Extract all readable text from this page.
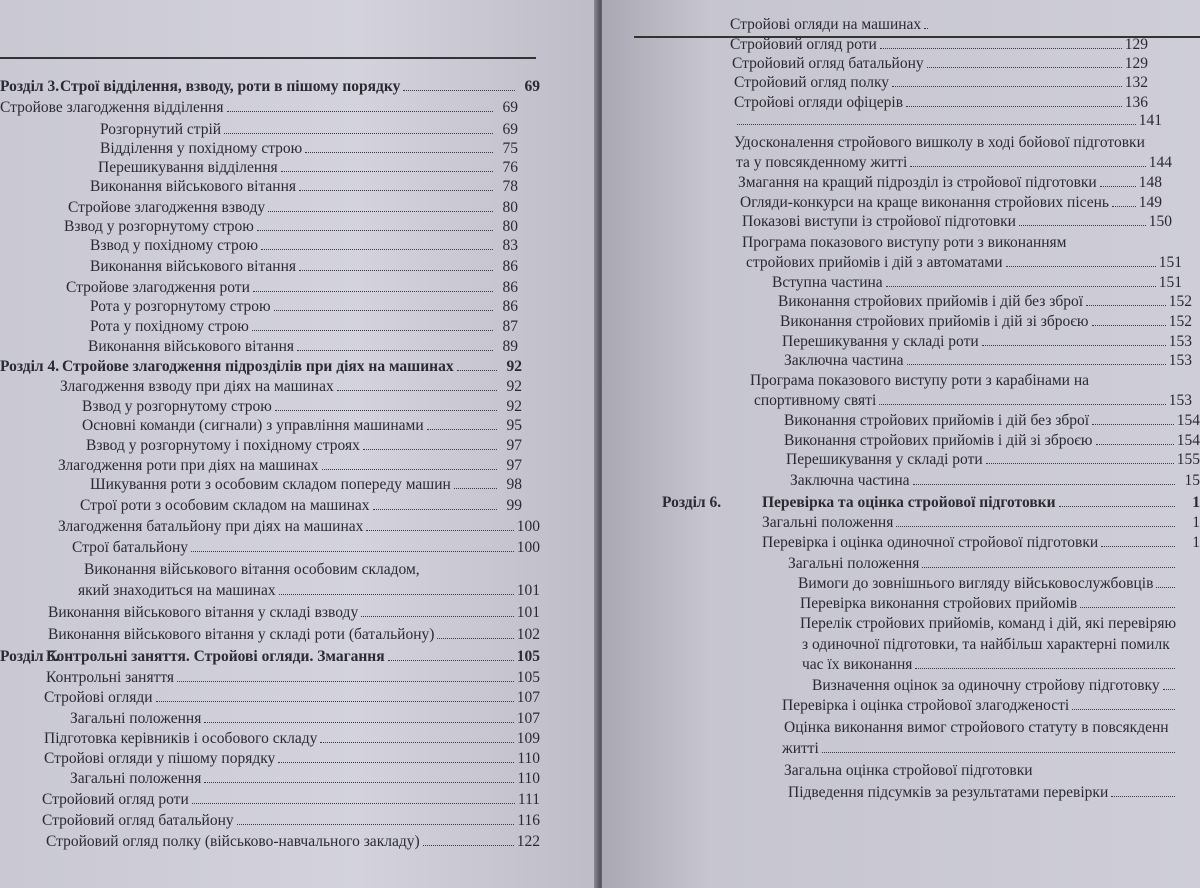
Розділ 3. Строї відділення, взводу, роти в пішому порядку	69
Стройове злагодження відділення	69
Розгорнутий стрій	69
Відділення у похідному строю	75
Перешикування відділення	76
Виконання військового вітання	78
Стройове злагодження взводу	80
Взвод у розгорнутому строю	80
Взвод у похідному строю	83
Виконання військового вітання	86
Стройове злагодження роти	86
Рота у розгорнутому строю	86
Рота у похідному строю	87
Виконання військового вітання	89
Розділ 4. Стройове злагодження підрозділів при діях на машинах	92
Злагодження взводу при діях на машинах	92
Взвод у розгорнутому строю	92
Основні команди (сигнали) з управління машинами	95
Взвод у розгорнутому і похідному строях	97
Злагодження роти при діях на машинах	97
Шикування роти з особовим складом попереду машин	98
Строї роти з особовим складом на машинах	99
Злагодження батальйону при діях на машинах	100
Строї батальйону	100
Виконання військового вітання особовим складом,
який знаходиться на машинах	101
Виконання військового вітання у складі взводу	101
Виконання військового вітання у складі роти (батальйону)	102
Розділ 5.
Контрольні заняття. Стройові огляди. Змагання	105
Контрольні заняття	105
Стройові огляди	107
Загальні положення	107
Підготовка керівників і особового складу	109
Стройові огляди у пішому порядку	110
Загальні положення	110
Стройовий огляд роти	111
Стройовий огляд батальйону	116
Стройовий огляд полку (військово-навчального закладу)	122
Стройові огляди на машинах
Стройовий огляд роти	129
Стройовий огляд батальйону	129
Стройовий огляд полку	132
Стройові огляди офіцерів	136
141
Удосконалення стройового вишколу в ході бойової підготовки
та у повсякденному житті	144
Змагання на кращий підрозділ із стройової підготовки	148
Огляди-конкурси на краще виконання стройових пісень 149
Показові виступи із стройової підготовки	150
Програма показового виступу роти з виконанням
стройових прийомів і дій з автоматами	151
Вступна частина	151
Виконання стройових прийомів і дій без зброї	152
Виконання стройових прийомів і дій зі зброєю	152
Перешикування у складі роти	153
Заключна частина	153
Програма показового виступу роти з карабінами на
спортивному святі	153
Виконання стройових прийомів і дій без зброї	154
Виконання стройових прийомів і дій зі зброєю	154
Перешикування у складі роти	155
Заключна частина	15
Розділ 6.	Перевірка та оцінка стройової підготовки	1
Загальні положення	1
Перевірка і оцінка одиночної стройової підготовки	1
Загальні положення
Вимоги до зовнішнього вигляду військовослужбовців
Перевірка виконання стройових прийомів
Перелік стройових прийомів, команд і дій, які перевіряю
з одиночної підготовки, та найбільш характерні помилк
час їх виконання
Визначення оцінок за одиночну стройову підготовку
Перевірка і оцінка стройової злагодженості
Оцінка виконання вимог стройового статуту в повсякденн
житті
Загальна оцінка стройової підготовки
Підведення підсумків за результатами перевірки
